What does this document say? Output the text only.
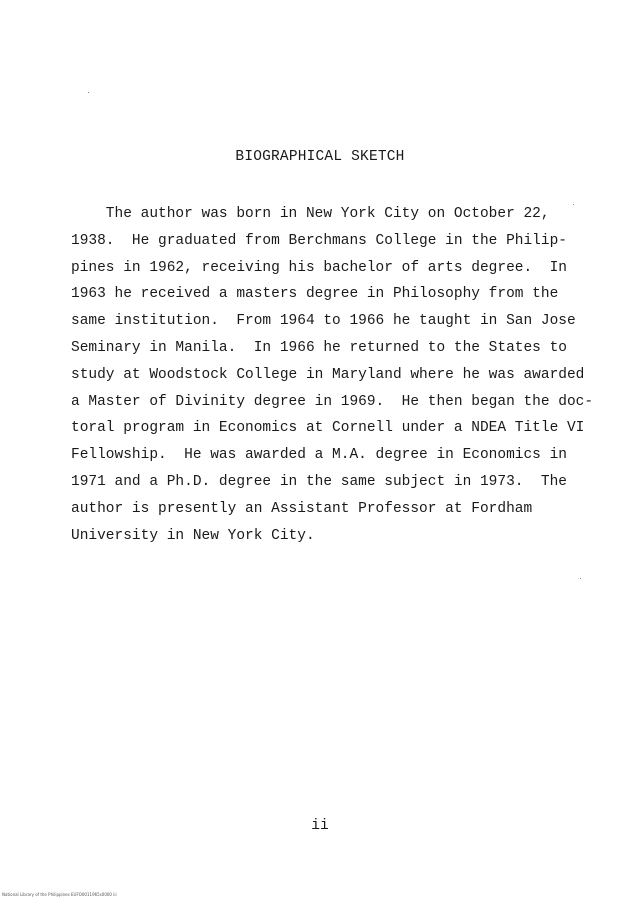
BIOGRAPHICAL SKETCH
The author was born in New York City on October 22,
1938.  He graduated from Berchmans College in the Philip-
pines in 1962, receiving his bachelor of arts degree.  In
1963 he received a masters degree in Philosophy from the
same institution.  From 1964 to 1966 he taught in San Jose
Seminary in Manila.  In 1966 he returned to the States to
study at Woodstock College in Maryland where he was awarded
a Master of Divinity degree in 1969.  He then began the doc-
toral program in Economics at Cornell under a NDEA Title VI
Fellowship.  He was awarded a M.A. degree in Economics in
1971 and a Ph.D. degree in the same subject in 1973.  The
author is presently an Assistant Professor at Fordham
University in New York City.
ii
National Library of the Philippines EUFO0011965s0000 iii
